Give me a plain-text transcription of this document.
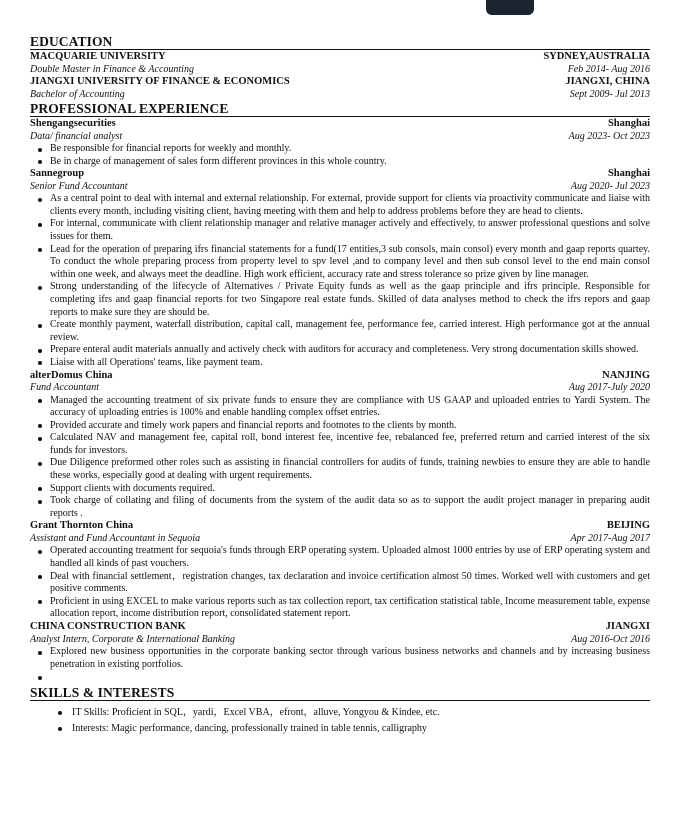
EDUCATION
MACQUARIE UNIVERSITY	SYDNEY,AUSTRALIA
Double Master in Finance & Accounting	Feb 2014- Aug 2016
JIANGXI UNIVERSITY OF FINANCE & ECONOMICS	JIANGXI, CHINA
Bachelor of Accounting	Sept 2009- Jul 2013
PROFESSIONAL EXPERIENCE
Shengangsecurities	Shanghai
Data/ financial analyst	Aug 2023- Oct 2023
Be responsible for financial reports for weekly and monthly.
Be in charge of management of sales form different provinces in this whole country.
Sannegroup	Shanghai
Senior Fund Accountant	Aug 2020- Jul 2023
As a central point to deal with internal and external relationship. For external, provide support for clients via proactivity communicate and liaise with clients every month, including visiting client, having meeting with them and help to address problems before they are head to clients.
For internal, communicate with client relationship manager and relative manager actively and effectively, to answer professional questions and solve issues for them.
Lead for the operation of preparing ifrs financial statements for a fund(17 entities,3 sub consols, main consol) every month and gaap reports quartey. To conduct the whole preparing process from property level to spv level ,and to company level and then sub consol level to the end main consol within one week, and always meet the deadline. High work efficient, accuracy rate and stress tolerance so prize given by line manager.
Strong understanding of the lifecycle of Alternatives / Private Equity funds as well as the gaap principle and ifrs principle. Responsible for completing ifrs and gaap financial reports for two Singapore real estate funds. Skilled of data analyses method to check the ifrs repors and gaap reports to make sure they are should be.
Create monthly payment, waterfall distribution, capital call, management fee, performance fee, carried interest. High performance got at the annual review.
Prepare enteral audit materials annually and actively check with auditors for accuracy and completeness. Very strong documentation skills showed.
Liaise with all Operations' teams, like payment team.
alterDomus China	NANJING
Fund Accountant	Aug 2017-July 2020
Managed the accounting treatment of six private funds to ensure they are compliance with US GAAP and uploaded entries to Yardi System. The accuracy of uploading entries is 100% and enable handling complex offset entries.
Provided accurate and timely work papers and financial reports and footnotes to the clients by month.
Calculated NAV and management fee, capital roll, bond interest fee, incentive fee, rebalanced fee, preferred return and carried interest of the six funds for investors.
Due Diligence preformed other roles such as assisting in financial controllers for audits of funds, training newbies to ensure they are able to handle these works, especially good at dealing with urgent requirements.
Support clients with documents required.
Took charge of collating and filing of documents from the system of the audit data so as to support the audit project manager in preparing audit reports .
Grant Thornton China	BEIJING
Assistant and Fund Accountant in Sequoia	Apr 2017-Aug 2017
Operated accounting treatment for sequoia's funds through ERP operating system. Uploaded almost 1000 entries by use of ERP operating system and handled all kinds of past vouchers.
Deal with financial settlement，registration changes, tax declaration and invoice certification almost 50 times. Worked well with customers and get positive comments.
Proficient in using EXCEL to make various reports such as tax collection report, tax certification statistical table, Income measurement table, expense allocation report, income distribution report, consolidated statement report.
CHINA CONSTRUCTION BANK	JIANGXI
Analyst Intern, Corporate & International Banking	Aug 2016-Oct 2016
Explored new business opportunities in the corporate banking sector through various business networks and channels and by increasing business penetration in existing portfolios.
SKILLS & INTERESTS
IT Skills: Proficient in SQL，yardi，Excel VBA，efront，alluve, Yongyou & Kindee, etc.
Interests: Magic performance, dancing, professionally trained in table tennis, calligraphy
